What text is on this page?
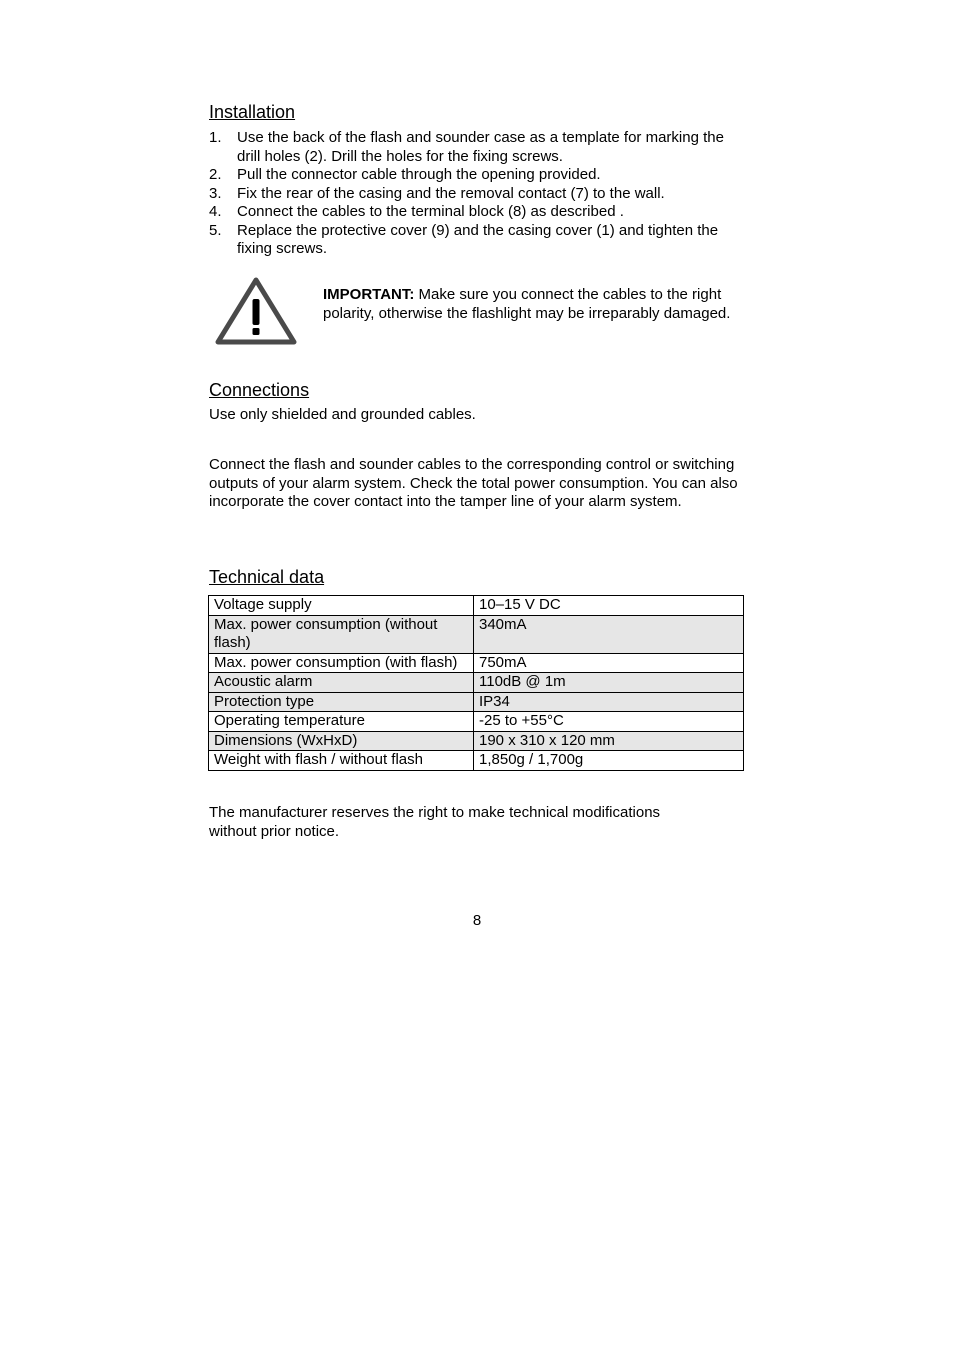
Installation
1. Use the back of the flash and sounder case as a template for marking the drill holes (2). Drill the holes for the fixing screws.
2. Pull the connector cable through the opening provided.
3. Fix the rear of the casing and the removal contact (7) to the wall.
4. Connect the cables to the terminal block (8) as described .
5. Replace the protective cover (9) and the casing cover (1) and tighten the fixing screws.

IMPORTANT: Make sure you connect the cables to the right polarity, otherwise the flashlight may be irreparably damaged.

Connections

Use only shielded and grounded cables.

Connect the flash and sounder cables to the corresponding control or switching outputs of your alarm system. Check the total power consumption. You can also incorporate the cover contact into the tamper line of your alarm system.

Technical data
Voltage supply	10–15 V DC
Max. power consumption (without flash)	340mA
Max. power consumption (with flash)	750mA
Acoustic alarm	110dB @ 1m
Protection type	IP34
Operating temperature	-25 to +55°C
Dimensions (WxHxD)	190 x 310 x 120 mm
Weight with flash / without flash	1,850g / 1,700g

The manufacturer reserves the right to make technical modifications without prior notice.

8
